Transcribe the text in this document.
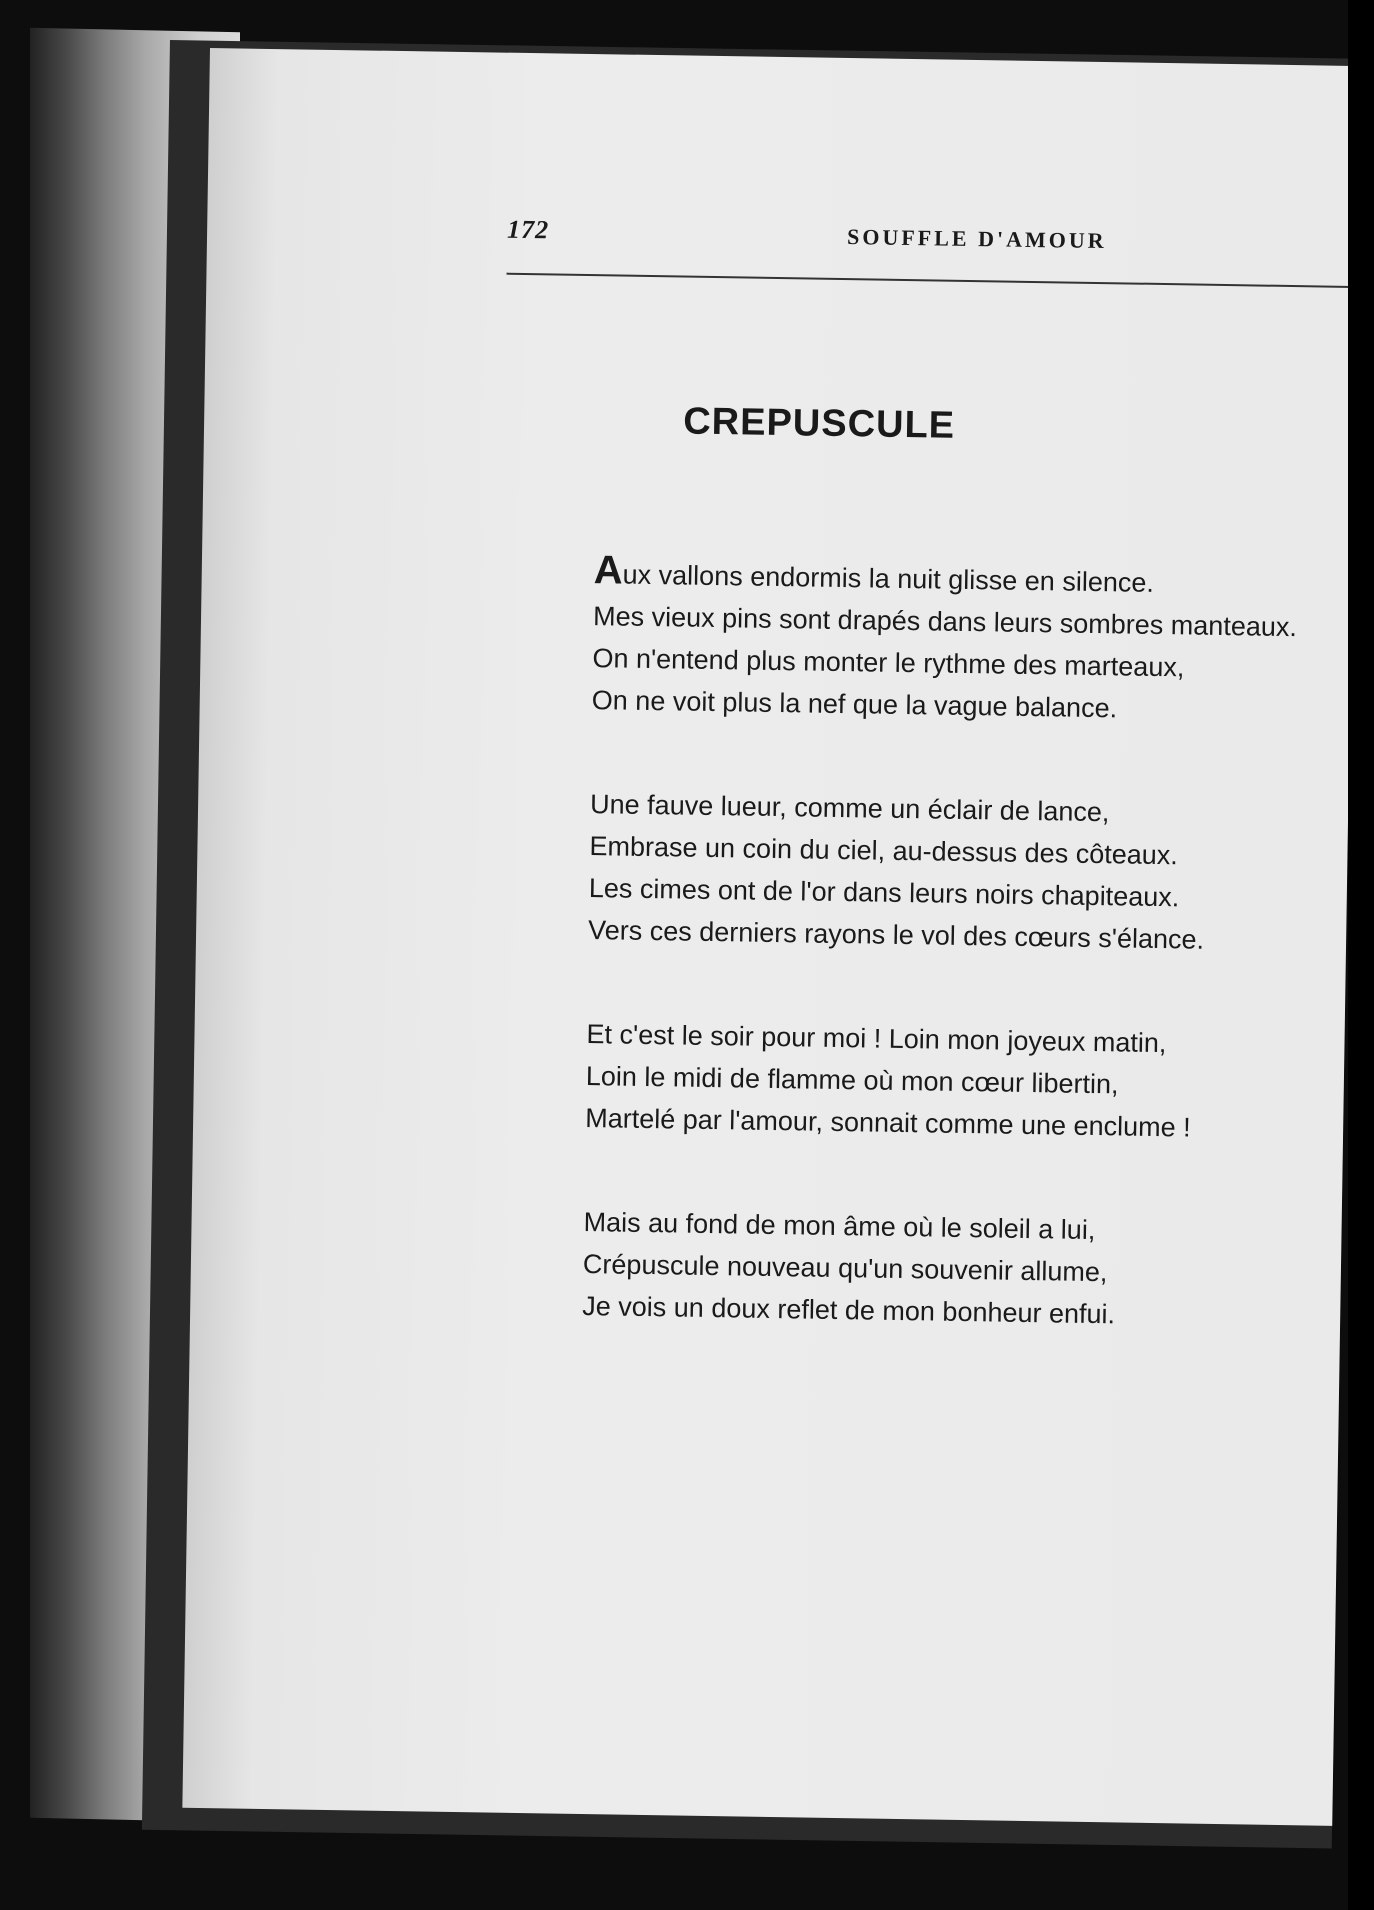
172	SOUFFLE D'AMOUR
CREPUSCULE
Aux vallons endormis la nuit glisse en silence.
Mes vieux pins sont drapés dans leurs sombres manteaux.
On n'entend plus monter le rythme des marteaux,
On ne voit plus la nef que la vague balance.
Une fauve lueur, comme un éclair de lance,
Embrase un coin du ciel, au-dessus des côteaux.
Les cimes ont de l'or dans leurs noirs chapiteaux.
Vers ces derniers rayons le vol des cœurs s'élance.
Et c'est le soir pour moi ! Loin mon joyeux matin,
Loin le midi de flamme où mon cœur libertin,
Martelé par l'amour, sonnait comme une enclume !
Mais au fond de mon âme où le soleil a lui,
Crépuscule nouveau qu'un souvenir allume,
Je vois un doux reflet de mon bonheur enfui.
